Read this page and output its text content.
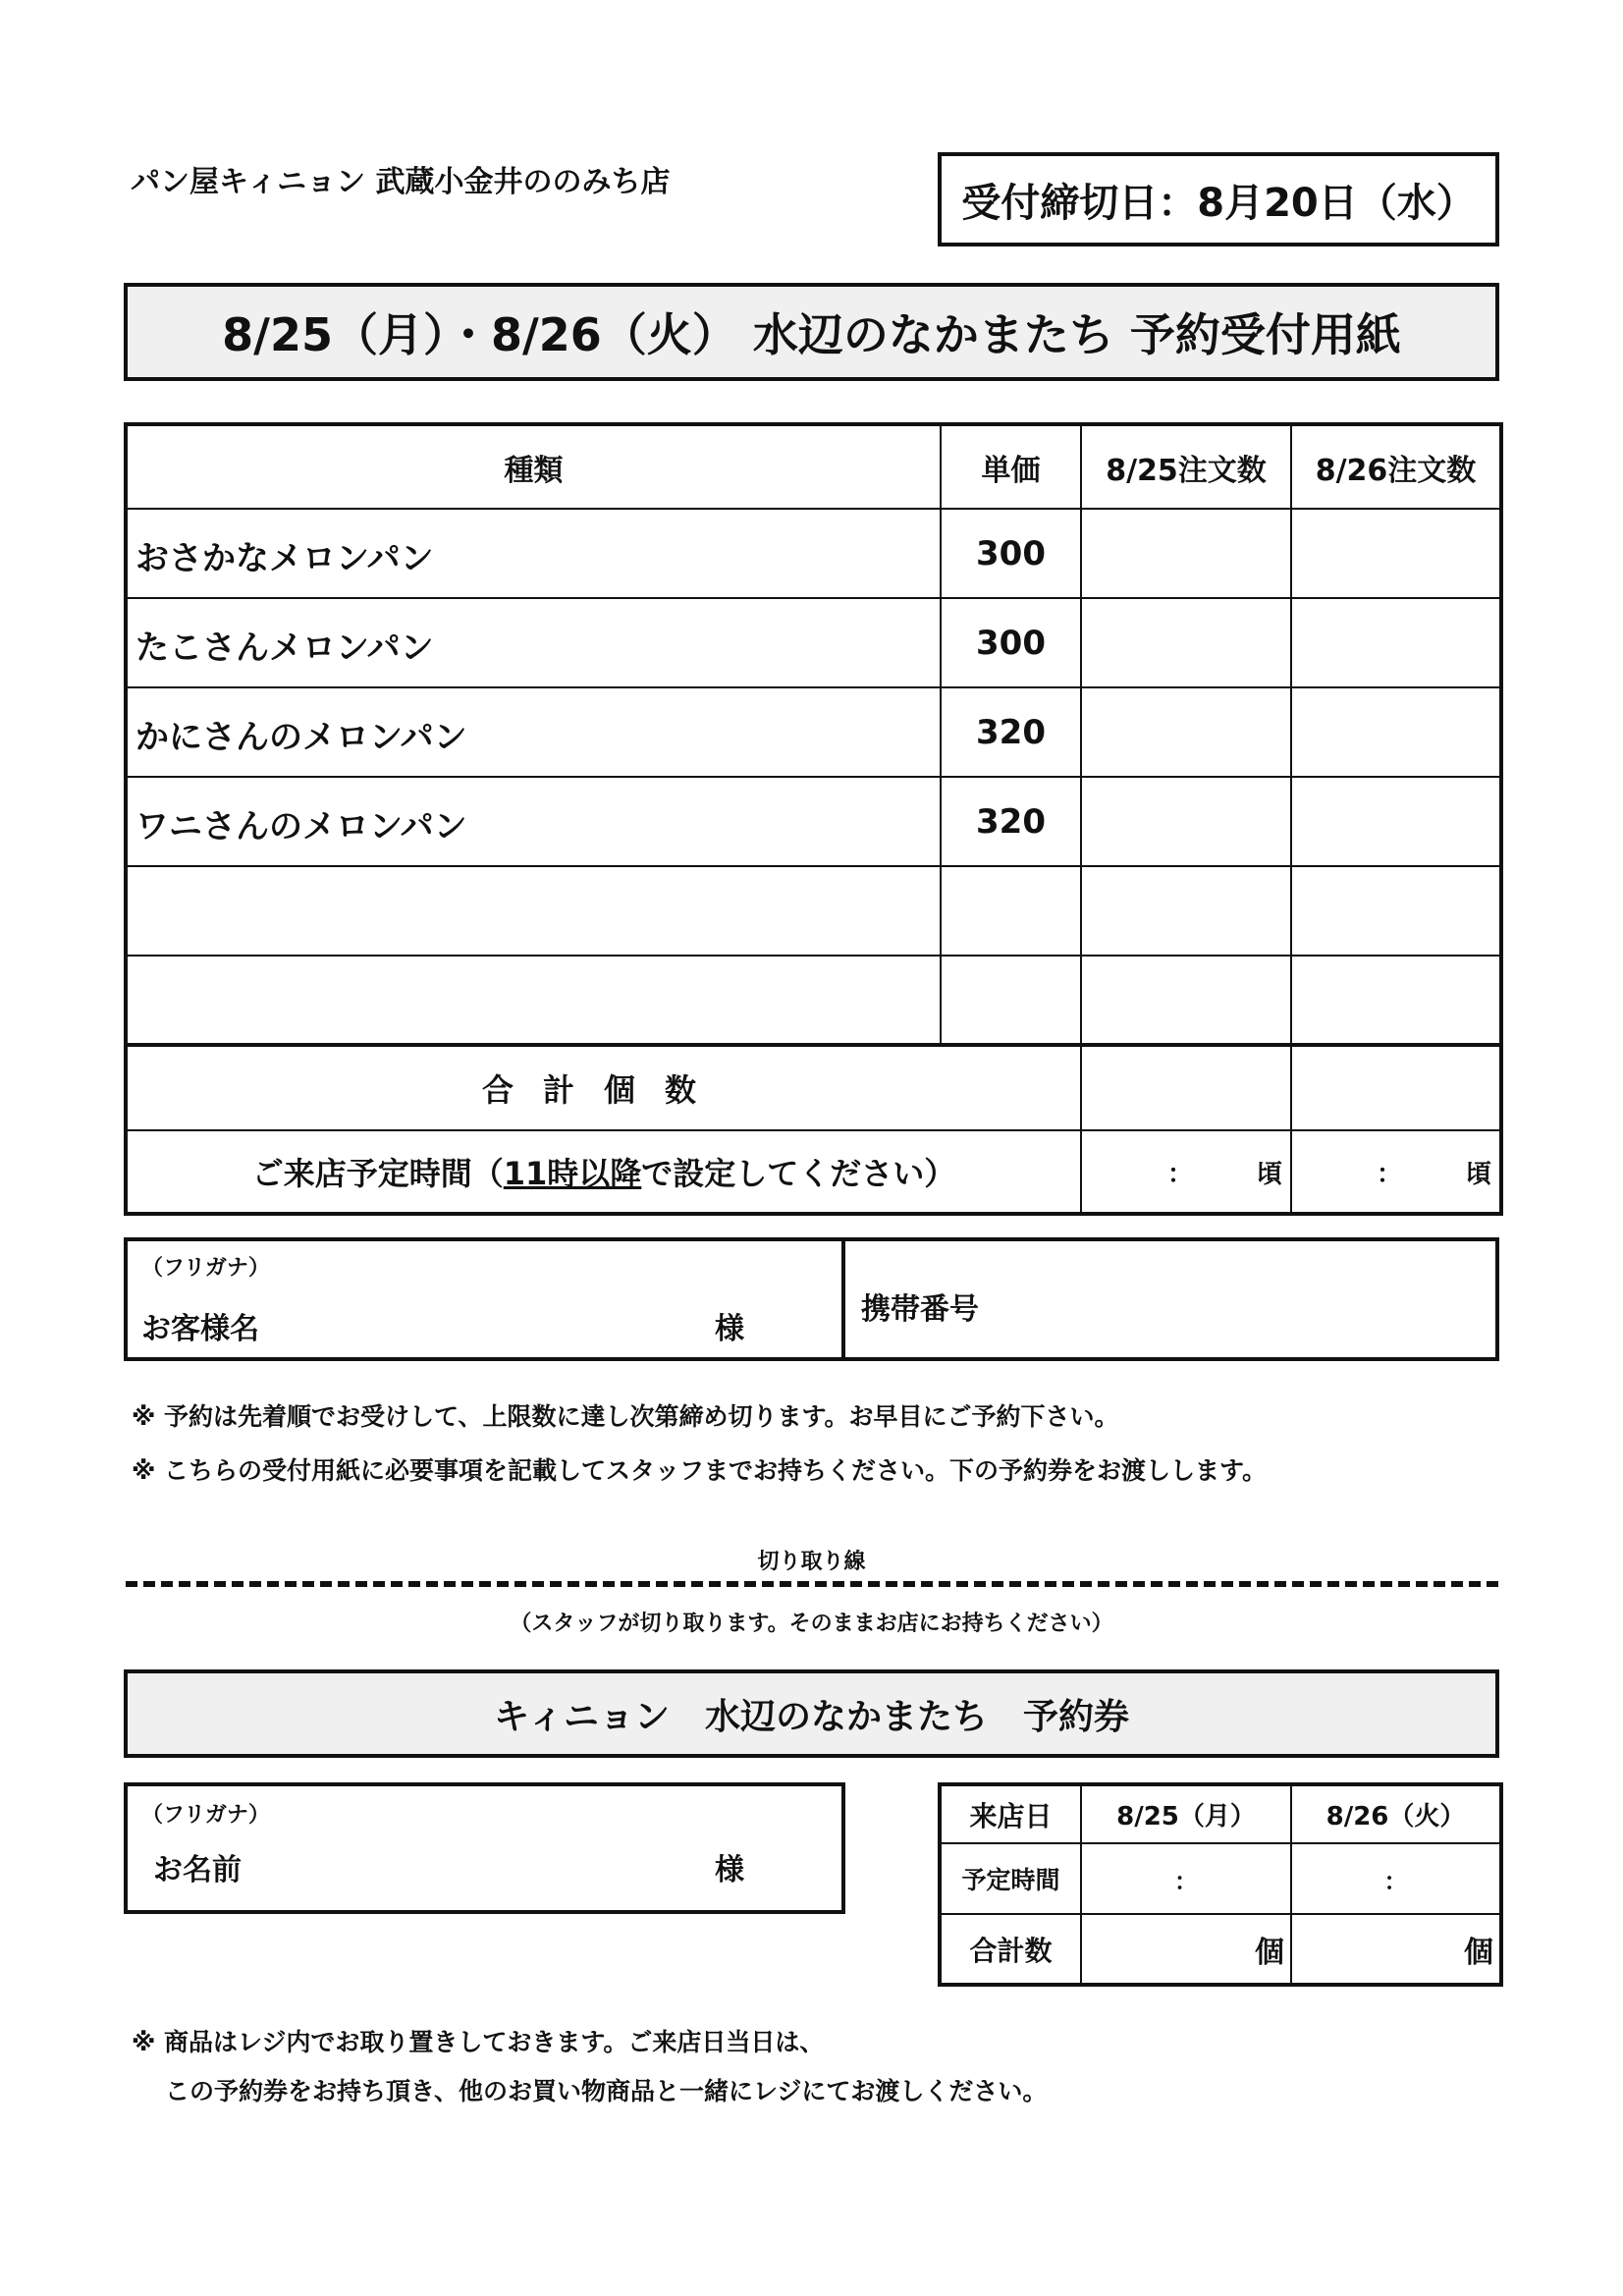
パン屋キィニョン 武蔵小金井ののみち店	受付締切日：8月20日（水）
8/25（月）・8/26（火） 水辺のなかまたち 予約受付用紙
種類	単価	8/25注文数	8/26注文数
おさかなメロンパン	300		
たこさんメロンパン	300		
かにさんのメロンパン	320		
ワニさんのメロンパン	320		

合計個数			
ご来店予定時間（11時以降で設定してください）		：　　　頃	：　　　頃
（フリガナ）
お客様名	様
携帯番号
※ 予約は先着順でお受けして、上限数に達し次第締め切ります。お早目にご予約下さい。
※ こちらの受付用紙に必要事項を記載してスタッフまでお持ちください。下の予約券をお渡しします。
切り取り線
（スタッフが切り取ります。そのままお店にお持ちください）
キィニョン　水辺のなかまたち　予約券
（フリガナ）
お名前	様
来店日	8/25（月）	8/26（火）
予定時間	：	：
合計数	個	個
※ 商品はレジ内でお取り置きしておきます。ご来店日当日は、
この予約券をお持ち頂き、他のお買い物商品と一緒にレジにてお渡しください。
